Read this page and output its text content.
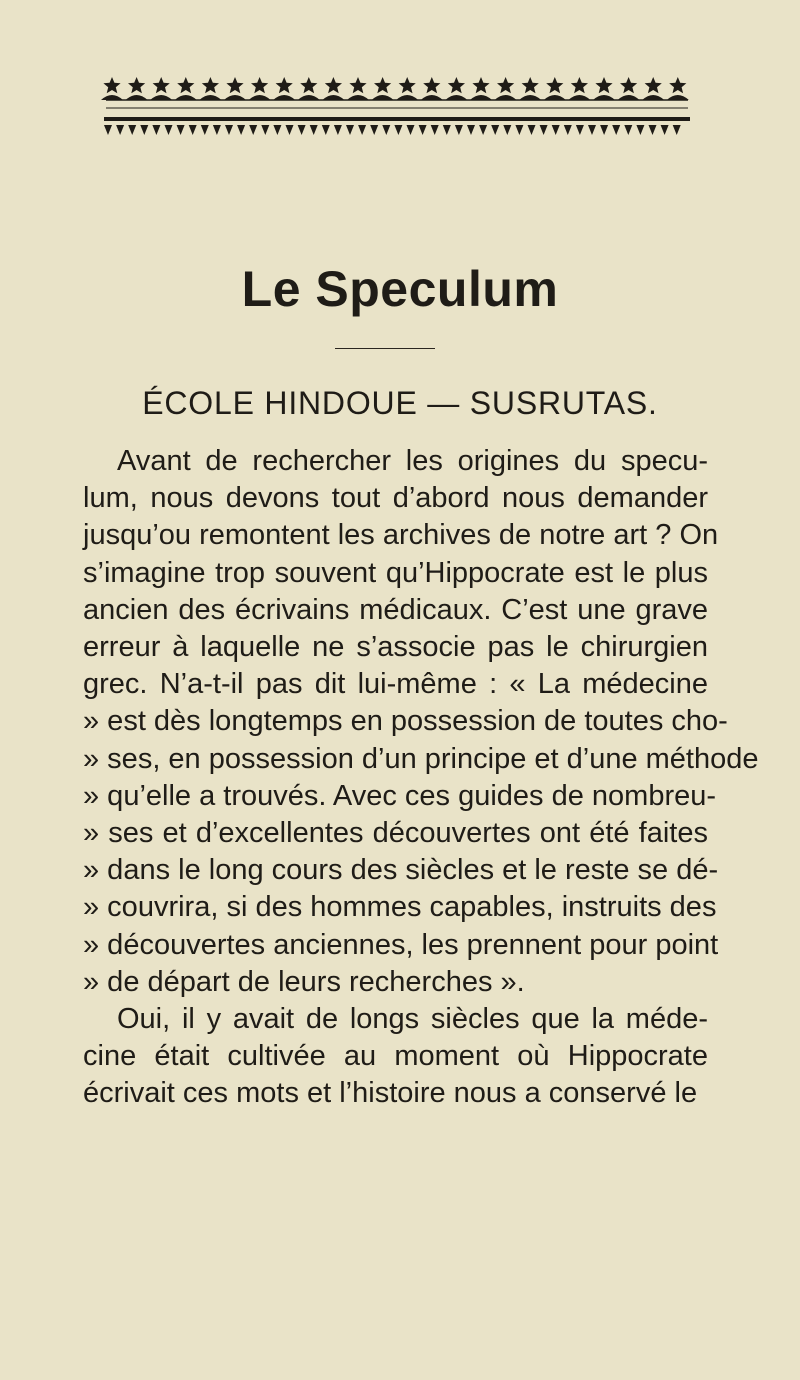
Le Speculum
ÉCOLE HINDOUE — SUSRUTAS.
Avant de rechercher les origines du specu-
lum, nous devons tout d’abord nous demander
jusqu’ou remontent les archives de notre art ? On
s’imagine trop souvent qu’Hippocrate est le plus
ancien des écrivains médicaux. C’est une grave
erreur à laquelle ne s’associe pas le chirurgien
grec. N’a-t-il pas dit lui-même : « La médecine
» est dès longtemps en possession de toutes cho-
» ses, en possession d’un principe et d’une méthode
» qu’elle a trouvés. Avec ces guides de nombreu-
» ses et d’excellentes découvertes ont été faites
» dans le long cours des siècles et le reste se dé-
» couvrira, si des hommes capables, instruits des
» découvertes anciennes, les prennent pour point
» de départ de leurs recherches ».
Oui, il y avait de longs siècles que la méde-
cine était cultivée au moment où Hippocrate
écrivait ces mots et l’histoire nous a conservé le
